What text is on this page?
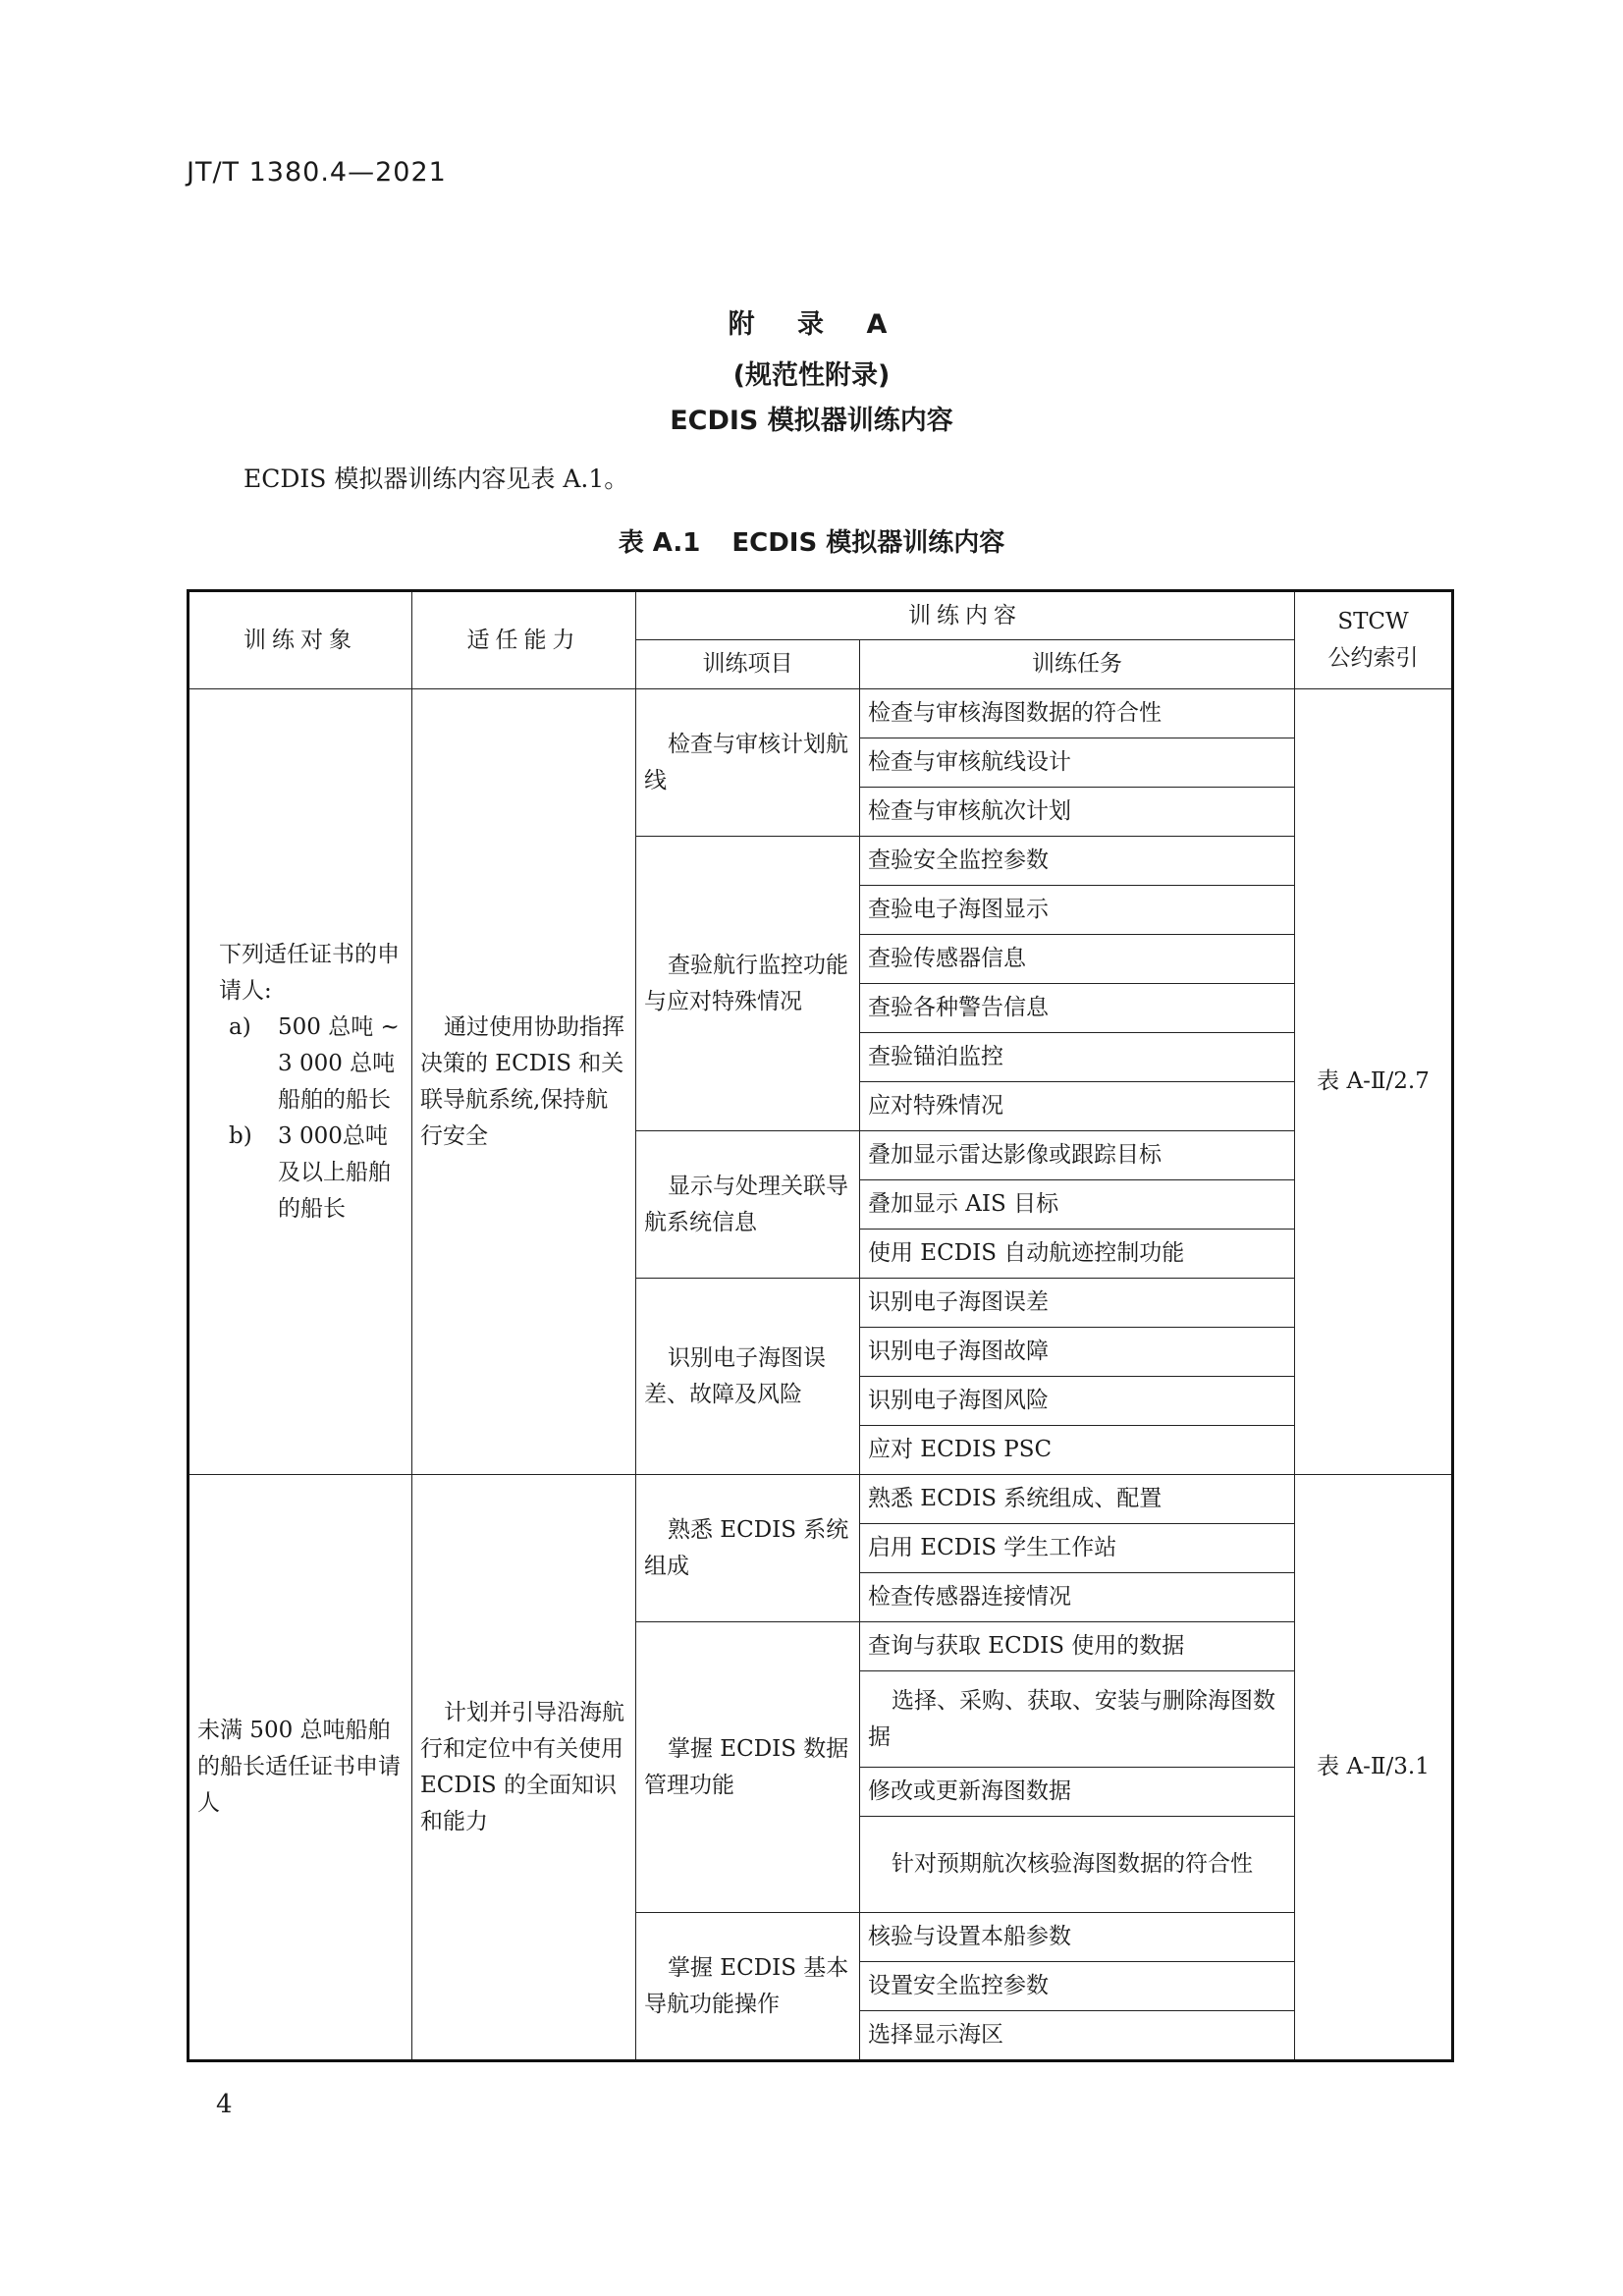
JT/T 1380.4—2021
附 录 A
(规范性附录)
ECDIS 模拟器训练内容
ECDIS 模拟器训练内容见表 A.1。
表 A.1 ECDIS 模拟器训练内容
训练对象	适任能力	训练内容		STCW
公约索引

		训练项目	训练任务	

下列适任证书的申请人:
a) 500 总吨 ~ 3 000 总吨船舶的船长
b) 3 000总吨及以上船舶的船长	通过使用协助指挥决策的 ECDIS 和关联导航系统,保持航行安全	检查与审核计划航线	检查与审核海图数据的符合性	表 A-Ⅱ/2.7
			检查与审核航线设计	
			检查与审核航次计划	
		查验航行监控功能与应对特殊情况	查验安全监控参数	
			查验电子海图显示	
			查验传感器信息	
			查验各种警告信息	
			查验锚泊监控	
			应对特殊情况	
		显示与处理关联导航系统信息	叠加显示雷达影像或跟踪目标	
			叠加显示 AIS 目标	
			使用 ECDIS 自动航迹控制功能	
		识别电子海图误差、故障及风险	识别电子海图误差	
			识别电子海图故障	
			识别电子海图风险	
			应对 ECDIS PSC	
未满 500 总吨船舶的船长适任证书申请人	计划并引导沿海航行和定位中有关使用 ECDIS 的全面知识和能力	熟悉 ECDIS 系统组成	熟悉 ECDIS 系统组成、配置	表 A-Ⅱ/3.1
			启用 ECDIS 学生工作站	
			检查传感器连接情况	
		掌握 ECDIS 数据管理功能	查询与获取 ECDIS 使用的数据	
			选择、采购、获取、安装与删除海图数据	
			修改或更新海图数据	
			针对预期航次核验海图数据的符合性	
		掌握 ECDIS 基本导航功能操作	核验与设置本船参数	
			设置安全监控参数	
			选择显示海区	
4
